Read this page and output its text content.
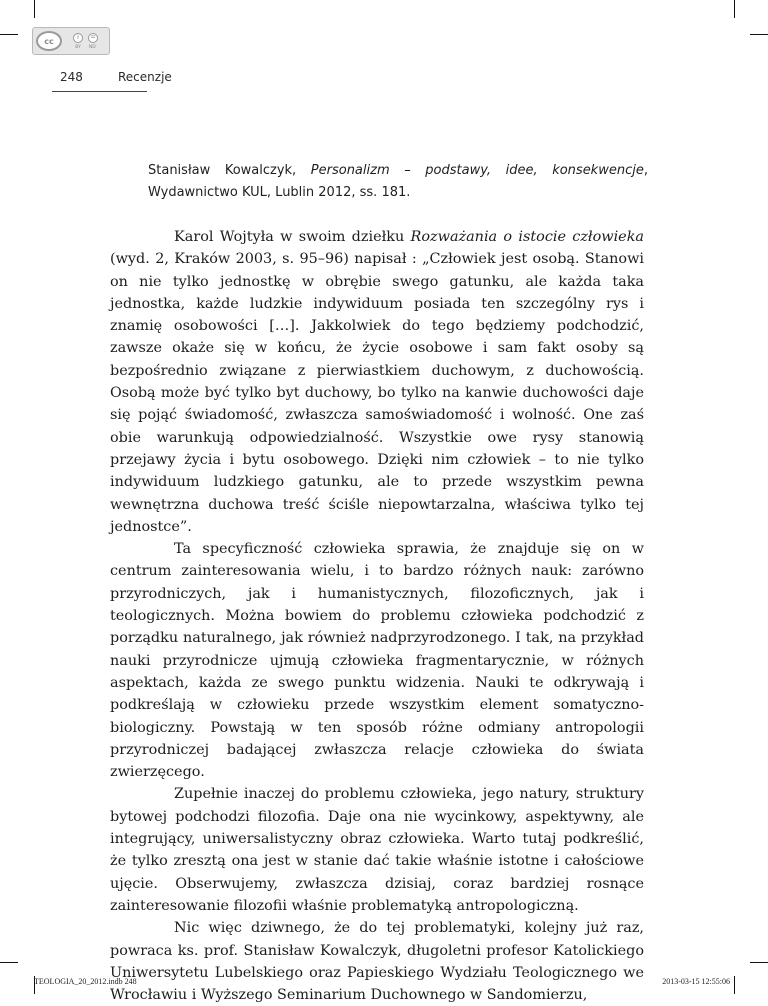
cc	i	=
BY ND
248	Recenzje
Stanisław Kowalczyk, Personalizm – podstawy, idee, konsekwencje, Wydawnictwo KUL, Lublin 2012, ss. 181.

Karol Wojtyła w swoim dziełku Rozważania o istocie człowieka (wyd. 2, Kraków 2003, s. 95–96) napisał : „Człowiek jest osobą. Stanowi on nie tylko jednostkę w obrębie swego gatunku, ale każda taka jednostka, każde ludzkie indywiduum posiada ten szczególny rys i znamię osobowości […]. Jakkolwiek do tego będziemy podchodzić, zawsze okaże się w końcu, że życie osobowe i sam fakt osoby są bezpośrednio związane z pierwiastkiem duchowym, z duchowością. Osobą może być tylko byt duchowy, bo tylko na kanwie duchowości daje się pojąć świadomość, zwłaszcza samoświadomość i wolność. One zaś obie warunkują odpowiedzialność. Wszystkie owe rysy stanowią przejawy życia i bytu osobowego. Dzięki nim człowiek – to nie tylko indywiduum ludzkiego gatunku, ale to przede wszystkim pewna wewnętrzna duchowa treść ściśle niepowtarzalna, właściwa tylko tej jednostce”.

Ta specyficzność człowieka sprawia, że znajduje się on w centrum zainteresowania wielu, i to bardzo różnych nauk: zarówno przyrodniczych, jak i humanistycznych, filozoficznych, jak i teologicznych. Można bowiem do problemu człowieka podchodzić z porządku naturalnego, jak również nadprzyrodzonego. I tak, na przykład nauki przyrodnicze ujmują człowieka fragmentarycznie, w różnych aspektach, każda ze swego punktu widzenia. Nauki te odkrywają i podkreślają w człowieku przede wszystkim element somatyczno-biologiczny. Powstają w ten sposób różne odmiany antropologii przyrodniczej badającej zwłaszcza relacje człowieka do świata zwierzęcego.

Zupełnie inaczej do problemu człowieka, jego natury, struktury bytowej podchodzi filozofia. Daje ona nie wycinkowy, aspektywny, ale integrujący, uniwersalistyczny obraz człowieka. Warto tutaj podkreślić, że tylko zresztą ona jest w stanie dać takie właśnie istotne i całościowe ujęcie. Obserwujemy, zwłaszcza dzisiaj, coraz bardziej rosnące zainteresowanie filozofii właśnie problematyką antropologiczną.

Nic więc dziwnego, że do tej problematyki, kolejny już raz, powraca ks. prof. Stanisław Kowalczyk, długoletni profesor Katolickiego Uniwersytetu Lubelskiego oraz Papieskiego Wydziału Teologicznego we Wrocławiu i Wyższego Seminarium Duchownego w Sandomierzu,

TEOLOGIA_20_2012.indb 248	2013-03-15 12:55:06
